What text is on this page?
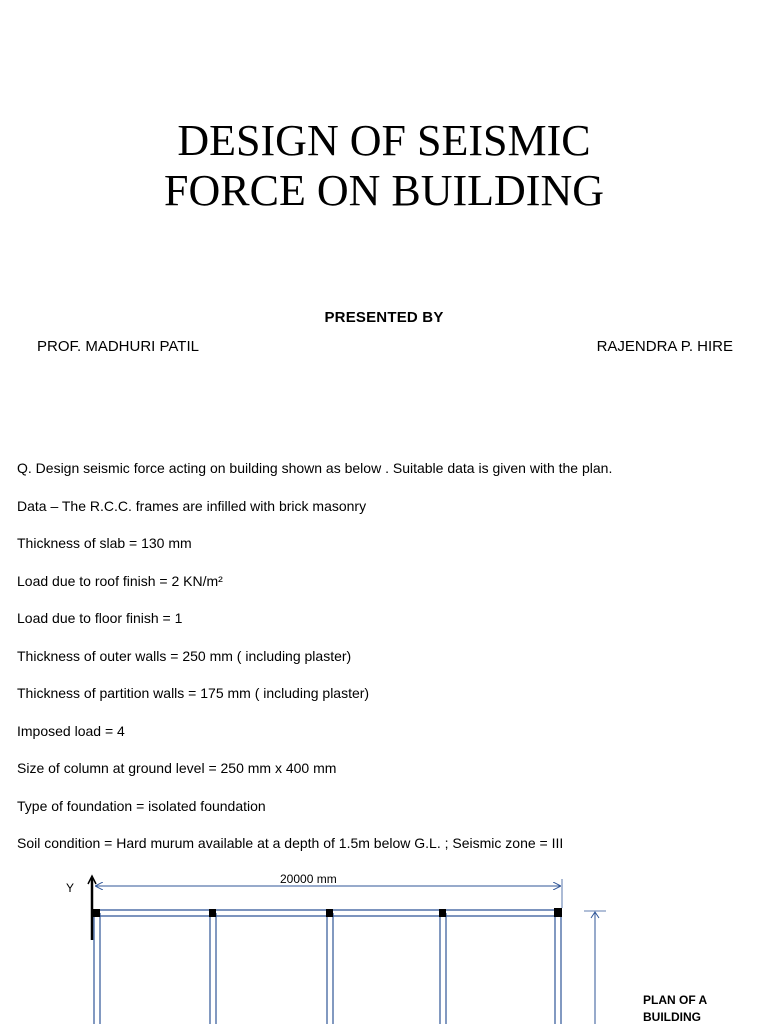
DESIGN OF SEISMIC
FORCE ON BUILDING
PRESENTED BY
PROF. MADHURI PATIL	RAJENDRA P. HIRE
Q. Design seismic force acting on building shown as below . Suitable data is given with the plan.
Data – The R.C.C. frames are infilled with brick masonry
Thickness of slab = 130 mm
Load due to roof finish = 2 KN/m²
Load due to floor finish = 1
Thickness of outer walls = 250 mm ( including plaster)
Thickness of partition walls = 175 mm ( including plaster)
Imposed load = 4
Size of column at ground level = 250 mm x 400 mm
Type of foundation = isolated foundation
Soil condition = Hard murum available at a depth of 1.5m below G.L. ; Seismic zone = III
Y
20000 mm
PLAN OF A
BUILDING
